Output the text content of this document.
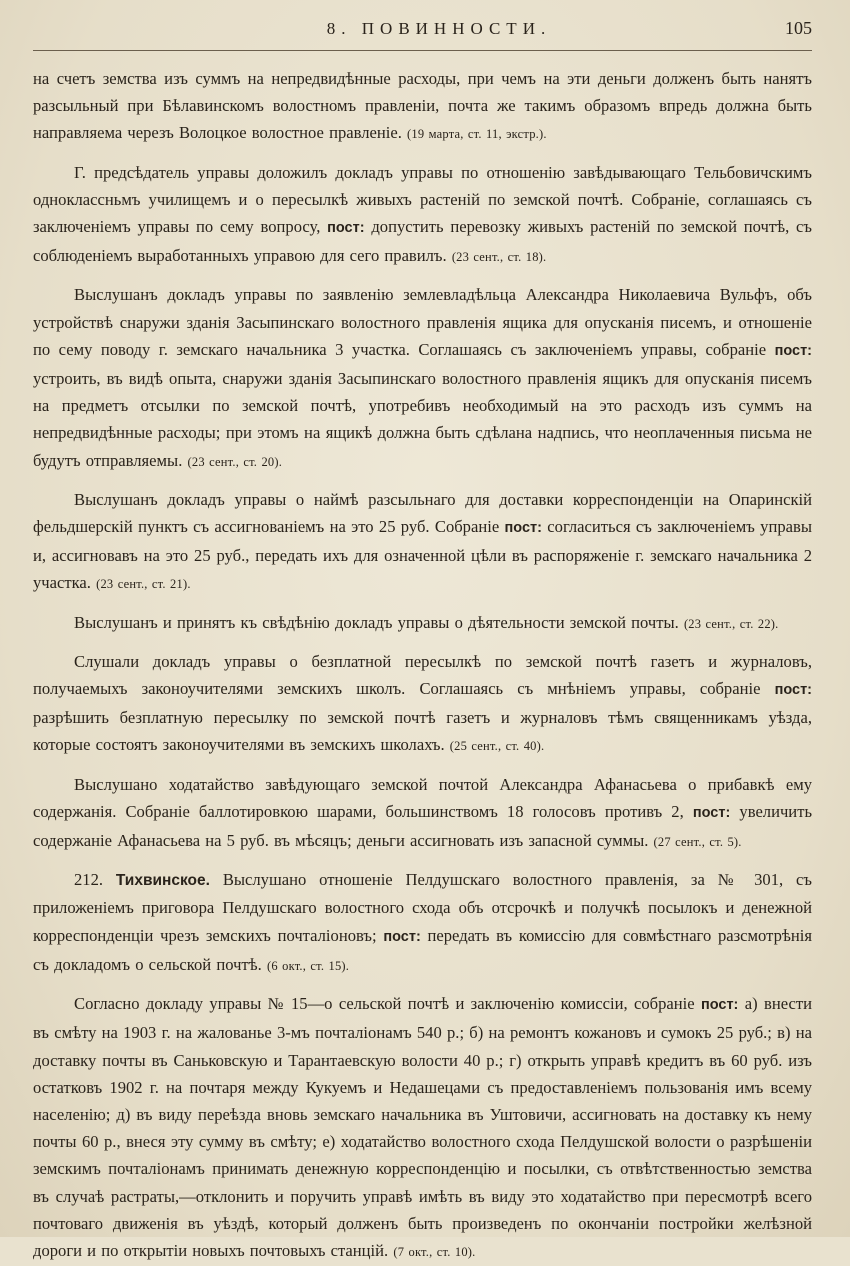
8. ПОВИННОСТИ.	105

на счетъ земства изъ суммъ на непредвидѣнные расходы, при чемъ на эти деньги долженъ быть нанятъ разсыльный при Бѣлавинскомъ волостномъ правленіи, почта же такимъ образомъ впредь должна быть направляема черезъ Волоцкое волостное правленіе. (19 марта, ст. 11, экстр.).

Г. предсѣдатель управы доложилъ докладъ управы по отношенію завѣдывающаго Тельбовичскимъ одноклассньмъ училищемъ и о пересылкѣ живыхъ растеній по земской почтѣ. Собраніе, соглашаясь съ заключеніемъ управы по сему вопросу, пост: допустить перевозку живыхъ растеній по земской почтѣ, съ соблюденіемъ выработанныхъ управою для сего правилъ. (23 сент., ст. 18).

Выслушанъ докладъ управы по заявленію землевладѣльца Александра Николаевича Вульфъ, объ устройствѣ снаружи зданія Засыпинскаго волостного правленія ящика для опусканія писемъ, и отношеніе по сему поводу г. земскаго начальника 3 участка. Соглашаясь съ заключеніемъ управы, собраніе пост: устроить, въ видѣ опыта, снаружи зданія Засыпинскаго волостного правленія ящикъ для опусканія писемъ на предметъ отсылки по земской почтѣ, употребивъ необходимый на это расходъ изъ суммъ на непредвидѣнные расходы; при этомъ на ящикѣ должна быть сдѣлана надпись, что неоплаченныя письма не будутъ отправляемы. (23 сент., ст. 20).

Выслушанъ докладъ управы о наймѣ разсыльнаго для доставки корреспонденціи на Опаринскій фельдшерскій пунктъ съ ассигнованіемъ на это 25 руб. Собраніе пост: согласиться съ заключеніемъ управы и, ассигновавъ на это 25 руб., передать ихъ для означенной цѣли въ распоряженіе г. земскаго начальника 2 участка. (23 сент., ст. 21).

Выслушанъ и принятъ къ свѣдѣнію докладъ управы о дѣятельности земской почты. (23 сент., ст. 22).

Слушали докладъ управы о безплатной пересылкѣ по земской почтѣ газетъ и журналовъ, получаемыхъ законоучителями земскихъ школъ. Соглашаясь съ мнѣніемъ управы, собраніе пост: разрѣшить безплатную пересылку по земской почтѣ газетъ и журналовъ тѣмъ священникамъ уѣзда, которые состоятъ законоучителями въ земскихъ школахъ. (25 сент., ст. 40).

Выслушано ходатайство завѣдующаго земской почтой Александра Афанасьева о прибавкѣ ему содержанія. Собраніе баллотировкою шарами, большинствомъ 18 голосовъ противъ 2, пост: увеличить содержаніе Афанасьева на 5 руб. въ мѣсяцъ; деньги ассигновать изъ запасной суммы. (27 сент., ст. 5).

212. Тихвинское. Выслушано отношеніе Пелдушскаго волостного правленія, за № 301, съ приложеніемъ приговора Пелдушскаго волостного схода объ отсрочкѣ и получкѣ посылокъ и денежной корреспонденціи чрезъ земскихъ почталіоновъ; пост: передать въ комиссію для совмѣстнаго разсмотрѣнія съ докладомъ о сельской почтѣ. (6 окт., ст. 15).

Согласно докладу управы № 15—о сельской почтѣ и заключенію комиссіи, собраніе пост: а) внести въ смѣту на 1903 г. на жалованье 3-мъ почталіонамъ 540 р.; б) на ремонтъ кожановъ и сумокъ 25 руб.; в) на доставку почты въ Саньковскую и Тарантаевскую волости 40 р.; г) открыть управѣ кредитъ въ 60 руб. изъ остатковъ 1902 г. на почтаря между Кукуемъ и Недашецами съ предоставленіемъ пользованія имъ всему населенію; д) въ виду переѣзда вновь земскаго начальника въ Уштовичи, ассигновать на доставку къ нему почты 60 р., внеся эту сумму въ смѣту; е) ходатайство волостного схода Пелдушской волости о разрѣшеніи земскимъ почталіонамъ принимать денежную корреспонденцію и посылки, съ отвѣтственностью земства въ случаѣ растраты,—отклонить и поручить управѣ имѣть въ виду это ходатайство при пересмотрѣ всего почтоваго движенія въ уѣздѣ, который долженъ быть произведенъ по окончаніи постройки желѣзной дороги и по открытіи новыхъ почтовыхъ станцій. (7 окт., ст. 10).
